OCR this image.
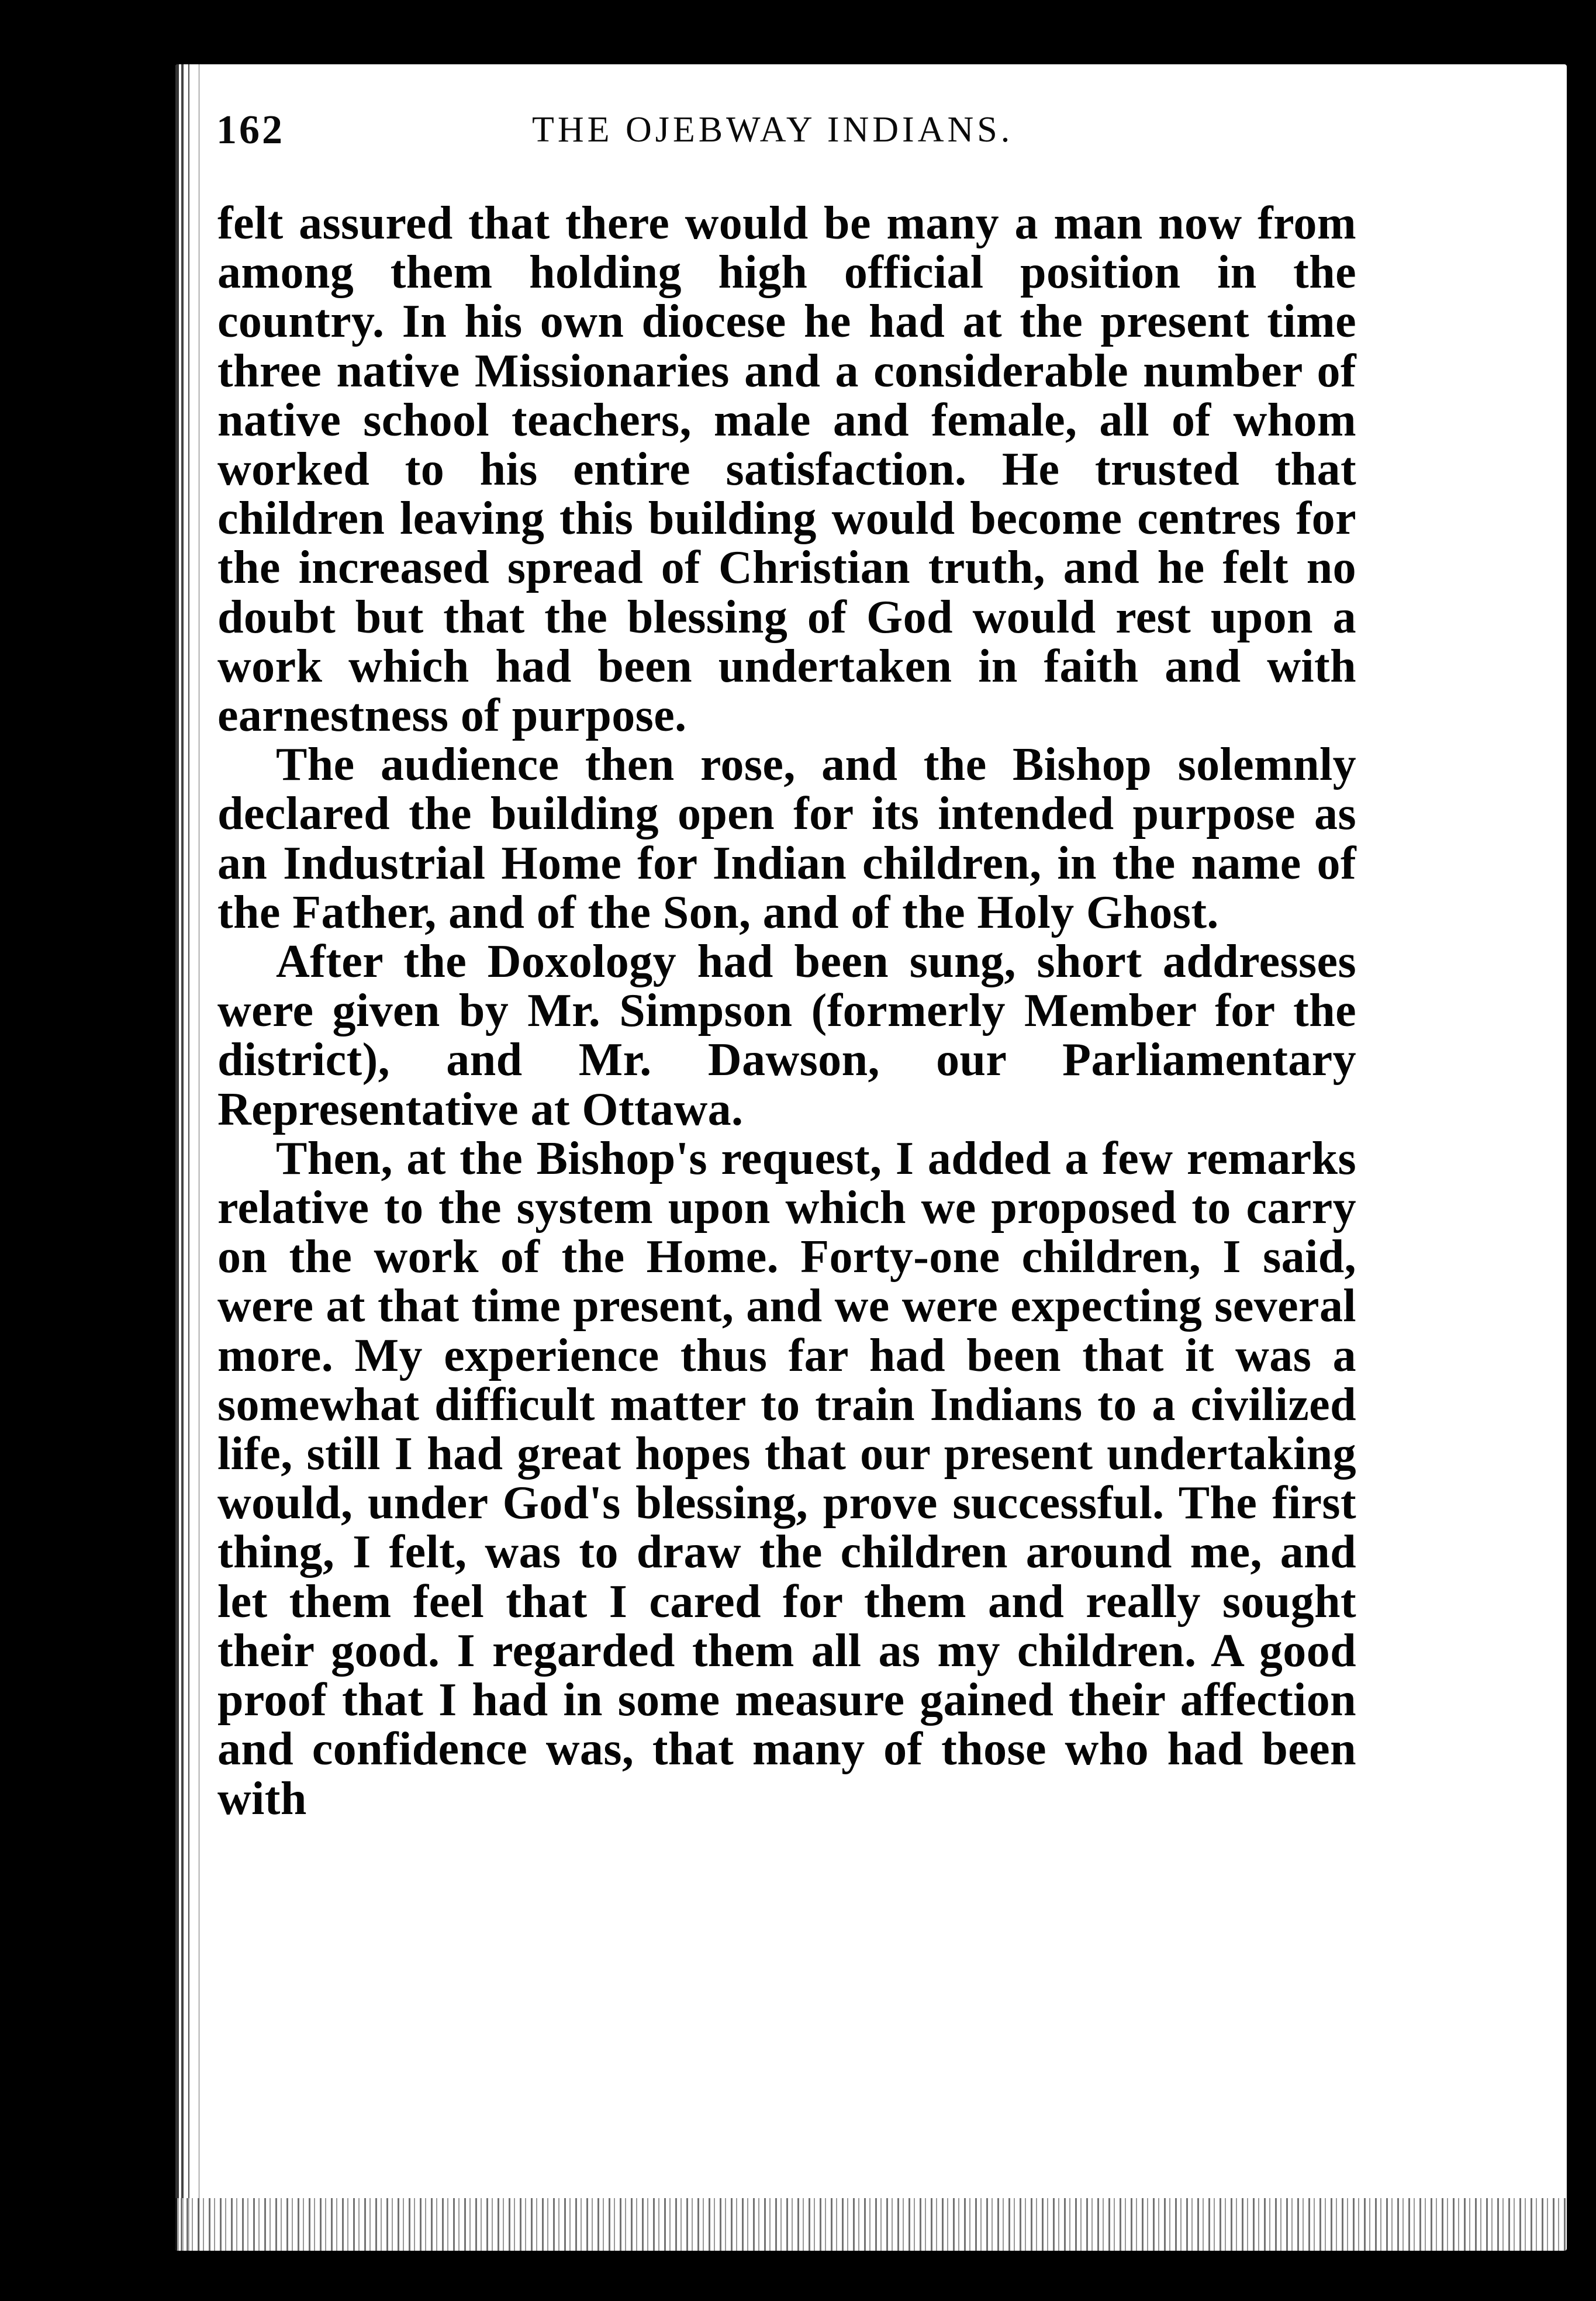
162	THE OJEBWAY INDIANS.

felt assured that there would be many a man now from among them holding high official position in the country. In his own diocese he had at the present time three native Missionaries and a considerable number of native school teachers, male and female, all of whom worked to his entire satisfaction. He trusted that children leaving this building would become centres for the increased spread of Christian truth, and he felt no doubt but that the blessing of God would rest upon a work which had been undertaken in faith and with earnestness of purpose.

The audience then rose, and the Bishop solemnly declared the building open for its intended purpose as an Industrial Home for Indian children, in the name of the Father, and of the Son, and of the Holy Ghost.

After the Doxology had been sung, short addresses were given by Mr. Simpson (formerly Member for the district), and Mr. Dawson, our Parliamentary Representative at Ottawa.

Then, at the Bishop's request, I added a few remarks relative to the system upon which we proposed to carry on the work of the Home. Forty-one children, I said, were at that time present, and we were expecting several more. My experience thus far had been that it was a somewhat difficult matter to train Indians to a civilized life, still I had great hopes that our present undertaking would, under God's blessing, prove successful. The first thing, I felt, was to draw the children around me, and let them feel that I cared for them and really sought their good. I regarded them all as my children. A good proof that I had in some measure gained their affection and confidence was, that many of those who had been with
